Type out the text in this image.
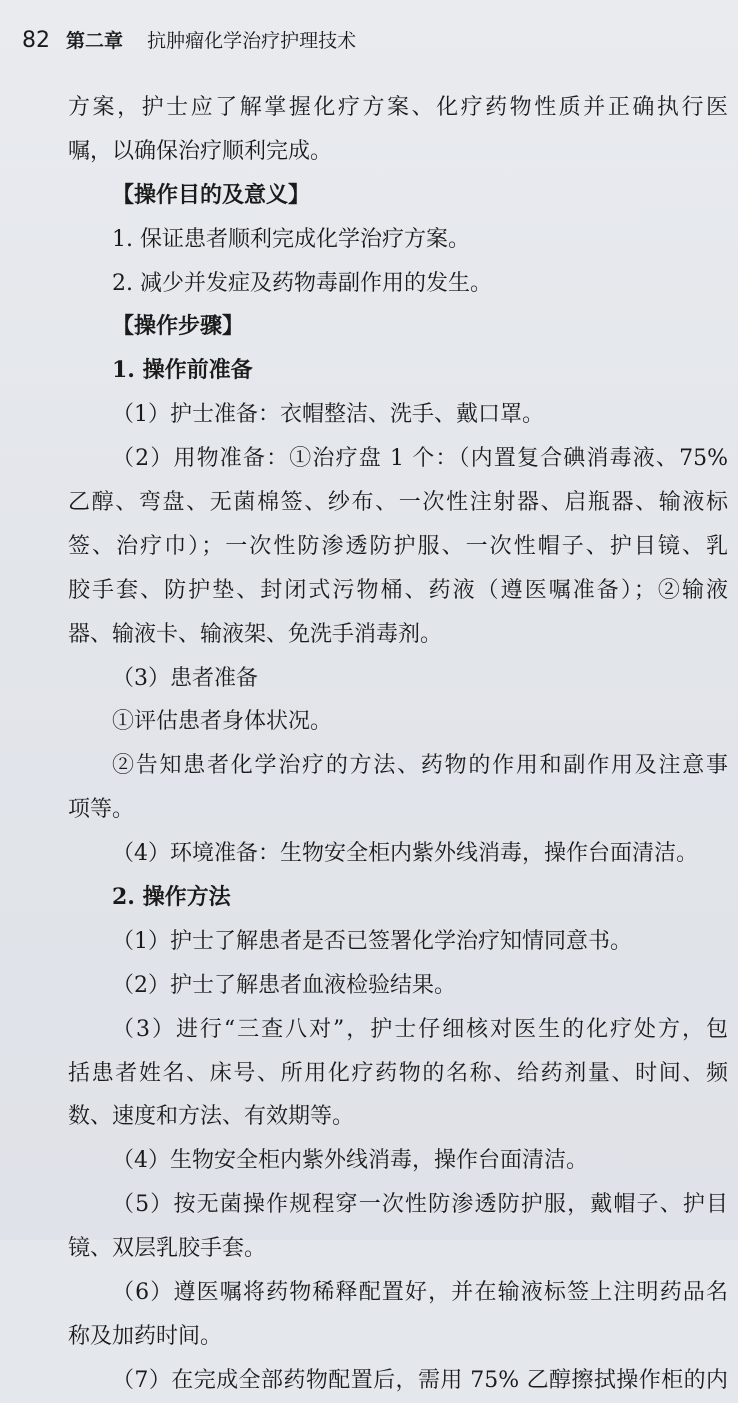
82 第二章 抗肿瘤化学治疗护理技术
方案，护士应了解掌握化疗方案、化疗药物性质并正确执行医
嘱，以确保治疗顺利完成。
【操作目的及意义】
1. 保证患者顺利完成化学治疗方案。
2. 减少并发症及药物毒副作用的发生。
【操作步骤】
1. 操作前准备
（1）护士准备：衣帽整洁、洗手、戴口罩。
（2）用物准备：①治疗盘 1 个：（内置复合碘消毒液、75%
乙醇、弯盘、无菌棉签、纱布、一次性注射器、启瓶器、输液标
签、治疗巾）；一次性防渗透防护服、一次性帽子、护目镜、乳
胶手套、防护垫、封闭式污物桶、药液（遵医嘱准备）；②输液
器、输液卡、输液架、免洗手消毒剂。
（3）患者准备
①评估患者身体状况。
②告知患者化学治疗的方法、药物的作用和副作用及注意事
项等。
（4）环境准备：生物安全柜内紫外线消毒，操作台面清洁。
2. 操作方法
（1）护士了解患者是否已签署化学治疗知情同意书。
（2）护士了解患者血液检验结果。
（3）进行“三查八对”，护士仔细核对医生的化疗处方，包
括患者姓名、床号、所用化疗药物的名称、给药剂量、时间、频
数、速度和方法、有效期等。
（4）生物安全柜内紫外线消毒，操作台面清洁。
（5）按无菌操作规程穿一次性防渗透防护服，戴帽子、护目
镜、双层乳胶手套。
（6）遵医嘱将药物稀释配置好，并在输液标签上注明药品名
称及加药时间。
（7）在完成全部药物配置后，需用 75% 乙醇擦拭操作柜的内
